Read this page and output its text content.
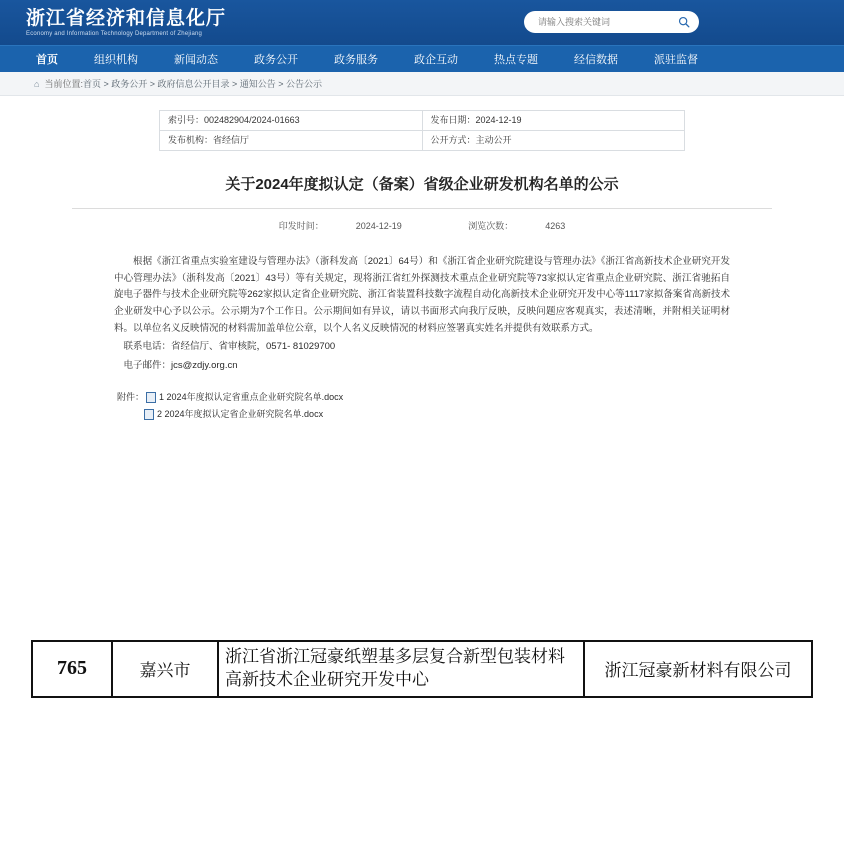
浙江省经济和信息化厅
Economy and Information Technology Department of Zhejiang
请输入搜索关键词
首页	组织机构	新闻动态	政务公开	政务服务	政企互动	热点专题	经信数据	派驻监督
⌂ 当前位置: 首页 > 政务公开 > 政府信息公开目录 > 通知公告 > 公告公示
索引号：002482904/2024-01663	发布日期：2024-12-19
发布机构：省经信厅	公开方式：主动公开
关于2024年度拟认定（备案）省级企业研发机构名单的公示
印发时间：	2024-12-19	浏览次数：	4263

根据《浙江省重点实验室建设与管理办法》（浙科发高〔2021〕64号）和《浙江省企业研究院建设与管理办法》《浙江省高新技术企业研究开发中心管理办法》（浙科发高〔2021〕43号）等有关规定，现将浙江省红外探测技术重点企业研究院等73家拟认定省重点企业研究院、浙江省驰拓自旋电子器件与技术企业研究院等262家拟认定省企业研究院、浙江省装置科技数字流程自动化高新技术企业研究开发中心等1117家拟备案省高新技术企业研发中心予以公示。公示期为7个工作日。公示期间如有异议，请以书面形式向我厅反映，反映问题应客观真实，表述清晰，并附相关证明材料。以单位名义反映情况的材料需加盖单位公章，以个人名义反映情况的材料应签署真实姓名并提供有效联系方式。

联系电话：省经信厅、省审核院，0571- 81029700

电子邮件：jcs@zdjy.org.cn

附件： 1
2024年度拟认定省重点企业研究院名单.docx
2
2024年度拟认定省企业研究院名单.docx
765	嘉兴市	浙江省浙江冠豪纸塑基多层复合新型包装材料高新技术企业研究开发中心	浙江冠豪新材料有限公司
